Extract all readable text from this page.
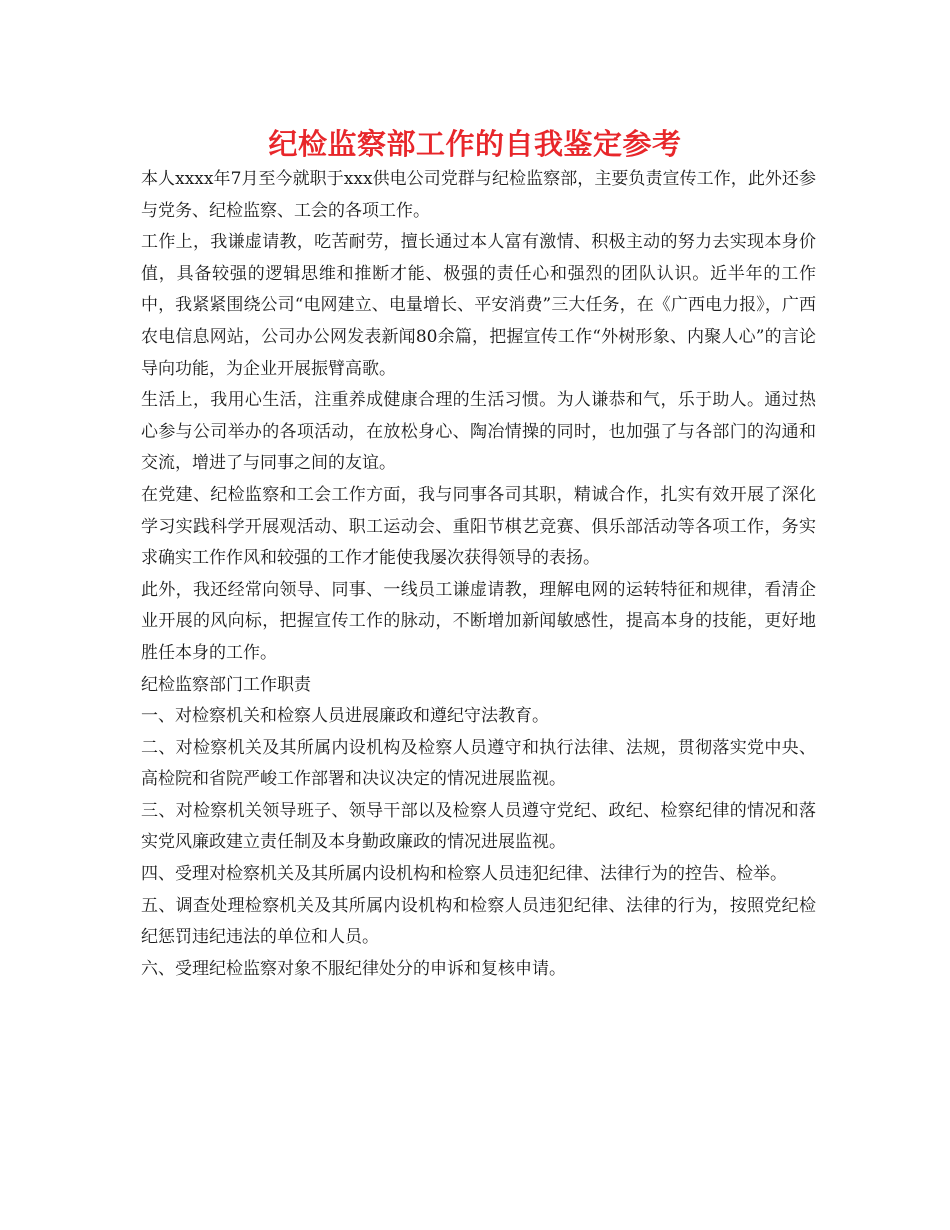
纪检监察部工作的自我鉴定参考

本人xxxx年7月至今就职于xxx供电公司党群与纪检监察部，主要负责宣传工作，此外还参与党务、纪检监察、工会的各项工作。

工作上，我谦虚请教，吃苦耐劳，擅长通过本人富有激情、积极主动的努力去实现本身价值，具备较强的逻辑思维和推断才能、极强的责任心和强烈的团队认识。近半年的工作中，我紧紧围绕公司“电网建立、电量增长、平安消费”三大任务，在《广西电力报》，广西农电信息网站，公司办公网发表新闻80余篇，把握宣传工作“外树形象、内聚人心”的言论导向功能，为企业开展振臂高歌。

生活上，我用心生活，注重养成健康合理的生活习惯。为人谦恭和气，乐于助人。通过热心参与公司举办的各项活动，在放松身心、陶冶情操的同时，也加强了与各部门的沟通和交流，增进了与同事之间的友谊。

在党建、纪检监察和工会工作方面，我与同事各司其职，精诚合作，扎实有效开展了深化学习实践科学开展观活动、职工运动会、重阳节棋艺竞赛、俱乐部活动等各项工作，务实求确实工作作风和较强的工作才能使我屡次获得领导的表扬。

此外，我还经常向领导、同事、一线员工谦虚请教，理解电网的运转特征和规律，看清企业开展的风向标，把握宣传工作的脉动，不断增加新闻敏感性，提高本身的技能，更好地胜任本身的工作。

纪检监察部门工作职责

一、对检察机关和检察人员进展廉政和遵纪守法教育。

二、对检察机关及其所属内设机构及检察人员遵守和执行法律、法规，贯彻落实党中央、高检院和省院严峻工作部署和决议决定的情况进展监视。

三、对检察机关领导班子、领导干部以及检察人员遵守党纪、政纪、检察纪律的情况和落实党风廉政建立责任制及本身勤政廉政的情况进展监视。

四、受理对检察机关及其所属内设机构和检察人员违犯纪律、法律行为的控告、检举。

五、调查处理检察机关及其所属内设机构和检察人员违犯纪律、法律的行为，按照党纪检纪惩罚违纪违法的单位和人员。

六、受理纪检监察对象不服纪律处分的申诉和复核申请。
